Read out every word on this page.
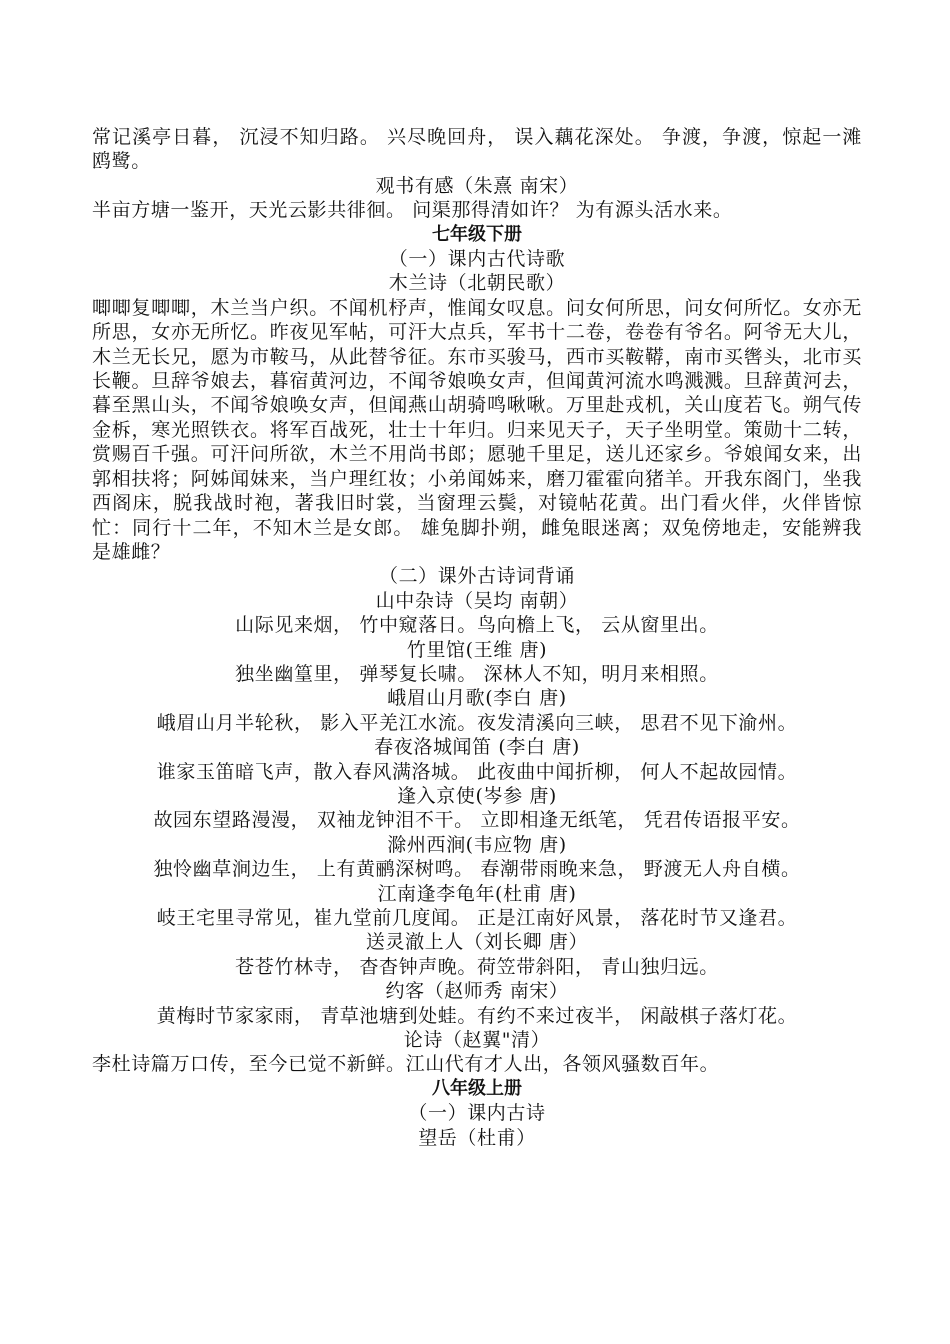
常记溪亭日暮， 沉浸不知归路。 兴尽晚回舟， 误入藕花深处。 争渡，争渡，惊起一滩鸥鹭。

观书有感（朱熹 南宋）

半亩方塘一鉴开，天光云影共徘徊。 问渠那得清如许？ 为有源头活水来。

七年级下册

（一）课内古代诗歌

木兰诗（北朝民歌）

唧唧复唧唧，木兰当户织。不闻机杼声，惟闻女叹息。问女何所思，问女何所忆。女亦无所思，女亦无所忆。昨夜见军帖，可汗大点兵，军书十二卷，卷卷有爷名。阿爷无大儿，木兰无长兄，愿为市鞍马，从此替爷征。东市买骏马，西市买鞍鞯，南市买辔头，北市买长鞭。旦辞爷娘去，暮宿黄河边，不闻爷娘唤女声，但闻黄河流水鸣溅溅。旦辞黄河去，暮至黑山头，不闻爷娘唤女声，但闻燕山胡骑鸣啾啾。万里赴戎机，关山度若飞。朔气传金柝，寒光照铁衣。将军百战死，壮士十年归。归来见天子，天子坐明堂。策勋十二转，赏赐百千强。可汗问所欲，木兰不用尚书郎；愿驰千里足，送儿还家乡。爷娘闻女来，出郭相扶将；阿姊闻妹来，当户理红妆；小弟闻姊来，磨刀霍霍向猪羊。开我东阁门，坐我西阁床，脱我战时袍，著我旧时裳，当窗理云鬓，对镜帖花黄。出门看火伴，火伴皆惊忙：同行十二年，不知木兰是女郎。 雄兔脚扑朔，雌兔眼迷离；双兔傍地走，安能辨我是雄雌？

（二）课外古诗词背诵

山中杂诗（吴均 南朝）

山际见来烟， 竹中窥落日。鸟向檐上飞， 云从窗里出。

竹里馆(王维 唐)

独坐幽篁里， 弹琴复长啸。 深林人不知，明月来相照。

峨眉山月歌(李白 唐)

峨眉山月半轮秋， 影入平羌江水流。夜发清溪向三峡， 思君不见下渝州。

春夜洛城闻笛 (李白 唐)

谁家玉笛暗飞声，散入春风满洛城。 此夜曲中闻折柳， 何人不起故园情。

逢入京使(岑参 唐)

故园东望路漫漫， 双袖龙钟泪不干。 立即相逢无纸笔， 凭君传语报平安。

滁州西涧(韦应物 唐)

独怜幽草涧边生， 上有黄鹂深树鸣。 春潮带雨晚来急， 野渡无人舟自横。

江南逢李龟年(杜甫 唐)

岐王宅里寻常见，崔九堂前几度闻。 正是江南好风景， 落花时节又逢君。

送灵澈上人（刘长卿 唐）

苍苍竹林寺， 杳杳钟声晚。荷笠带斜阳， 青山独归远。

约客（赵师秀 南宋）

黄梅时节家家雨， 青草池塘到处蛙。有约不来过夜半， 闲敲棋子落灯花。

论诗（赵翼"清）

李杜诗篇万口传，至今已觉不新鲜。江山代有才人出，各领风骚数百年。

八年级上册

（一）课内古诗

望岳（杜甫）
